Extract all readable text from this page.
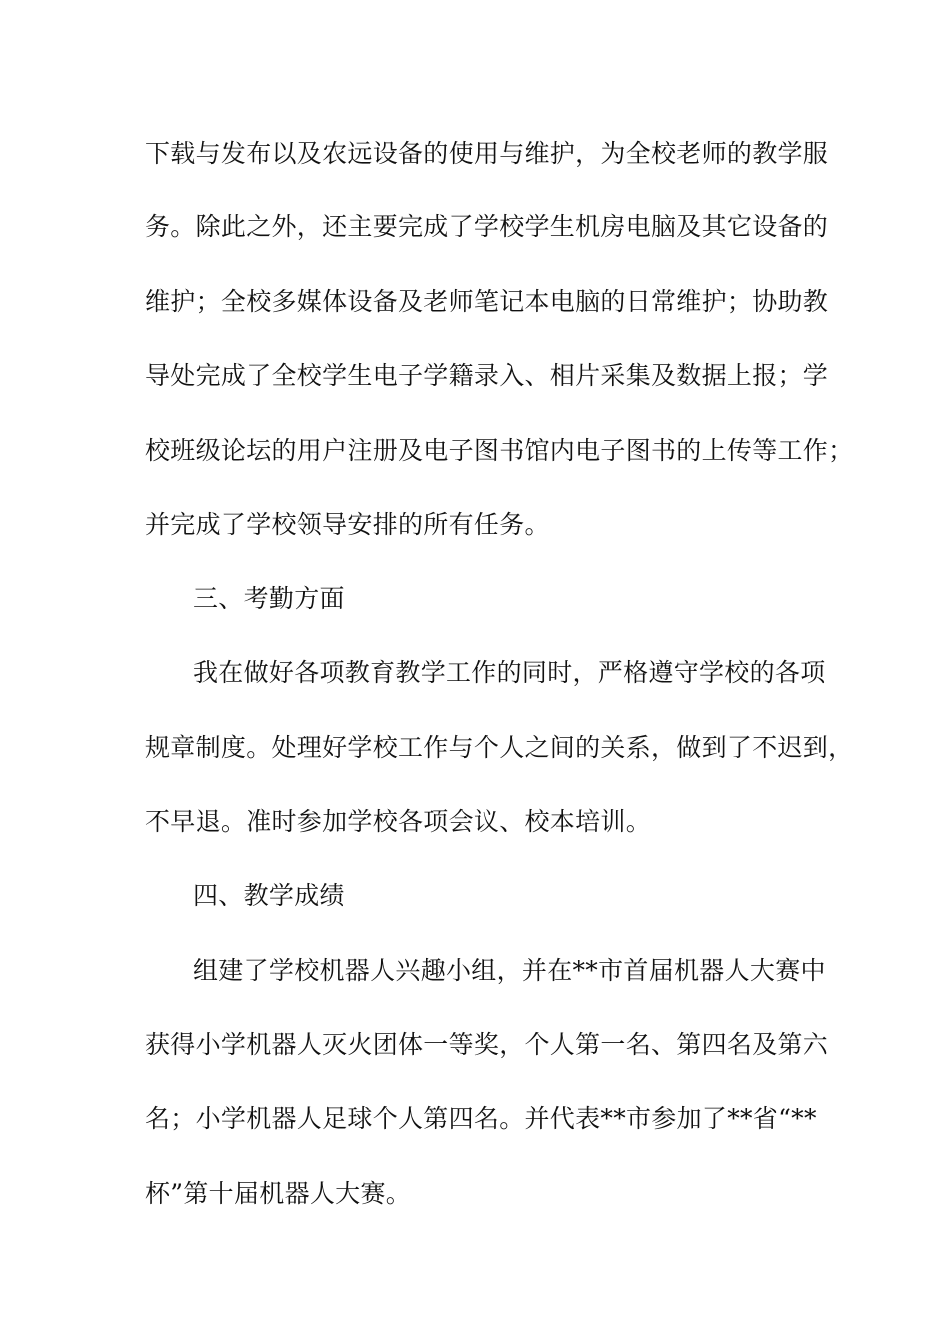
下载与发布以及农远设备的使用与维护，为全校老师的教学服
务。除此之外，还主要完成了学校学生机房电脑及其它设备的
维护；全校多媒体设备及老师笔记本电脑的日常维护；协助教
导处完成了全校学生电子学籍录入、相片采集及数据上报；学
校班级论坛的用户注册及电子图书馆内电子图书的上传等工作；
并完成了学校领导安排的所有任务。
三、考勤方面
我在做好各项教育教学工作的同时，严格遵守学校的各项
规章制度。处理好学校工作与个人之间的关系，做到了不迟到，
不早退。准时参加学校各项会议、校本培训。
四、教学成绩
组建了学校机器人兴趣小组，并在**市首届机器人大赛中
获得小学机器人灭火团体一等奖，个人第一名、第四名及第六
名；小学机器人足球个人第四名。并代表**市参加了**省“**
杯”第十届机器人大赛。
